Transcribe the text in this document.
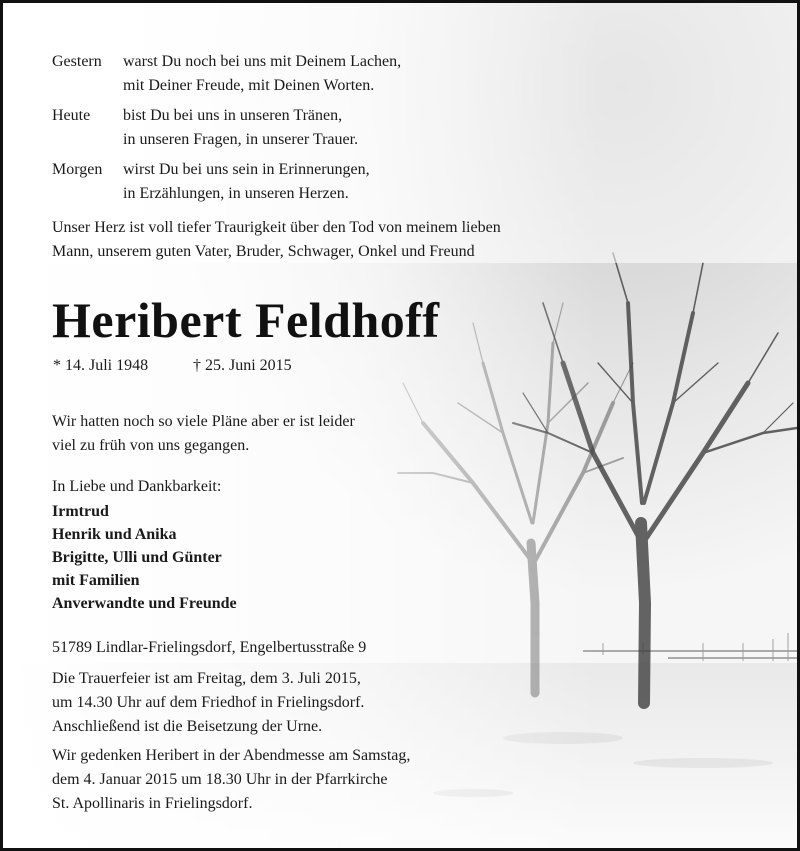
Gestern	warst Du noch bei uns mit Deinem Lachen,
mit Deiner Freude, mit Deinen Worten.
Heute	bist Du bei uns in unseren Tränen,
in unseren Fragen, in unserer Trauer.
Morgen	wirst Du bei uns sein in Erinnerungen,
in Erzählungen, in unseren Herzen.
Unser Herz ist voll tiefer Traurigkeit über den Tod von meinem lieben
Mann, unserem guten Vater, Bruder, Schwager, Onkel und Freund
Heribert Feldhoff
* 14. Juli 1948	† 25. Juni 2015
Wir hatten noch so viele Pläne aber er ist leider
viel zu früh von uns gegangen.
In Liebe und Dankbarkeit:
Irmtrud
Henrik und Anika
Brigitte, Ulli und Günter
mit Familien
Anverwandte und Freunde
51789 Lindlar-Frielingsdorf, Engelbertusstraße 9
Die Trauerfeier ist am Freitag, dem 3. Juli 2015,
um 14.30 Uhr auf dem Friedhof in Frielingsdorf.
Anschließend ist die Beisetzung der Urne.
Wir gedenken Heribert in der Abendmesse am Samstag,
dem 4. Januar 2015 um 18.30 Uhr in der Pfarrkirche
St. Apollinaris in Frielingsdorf.
